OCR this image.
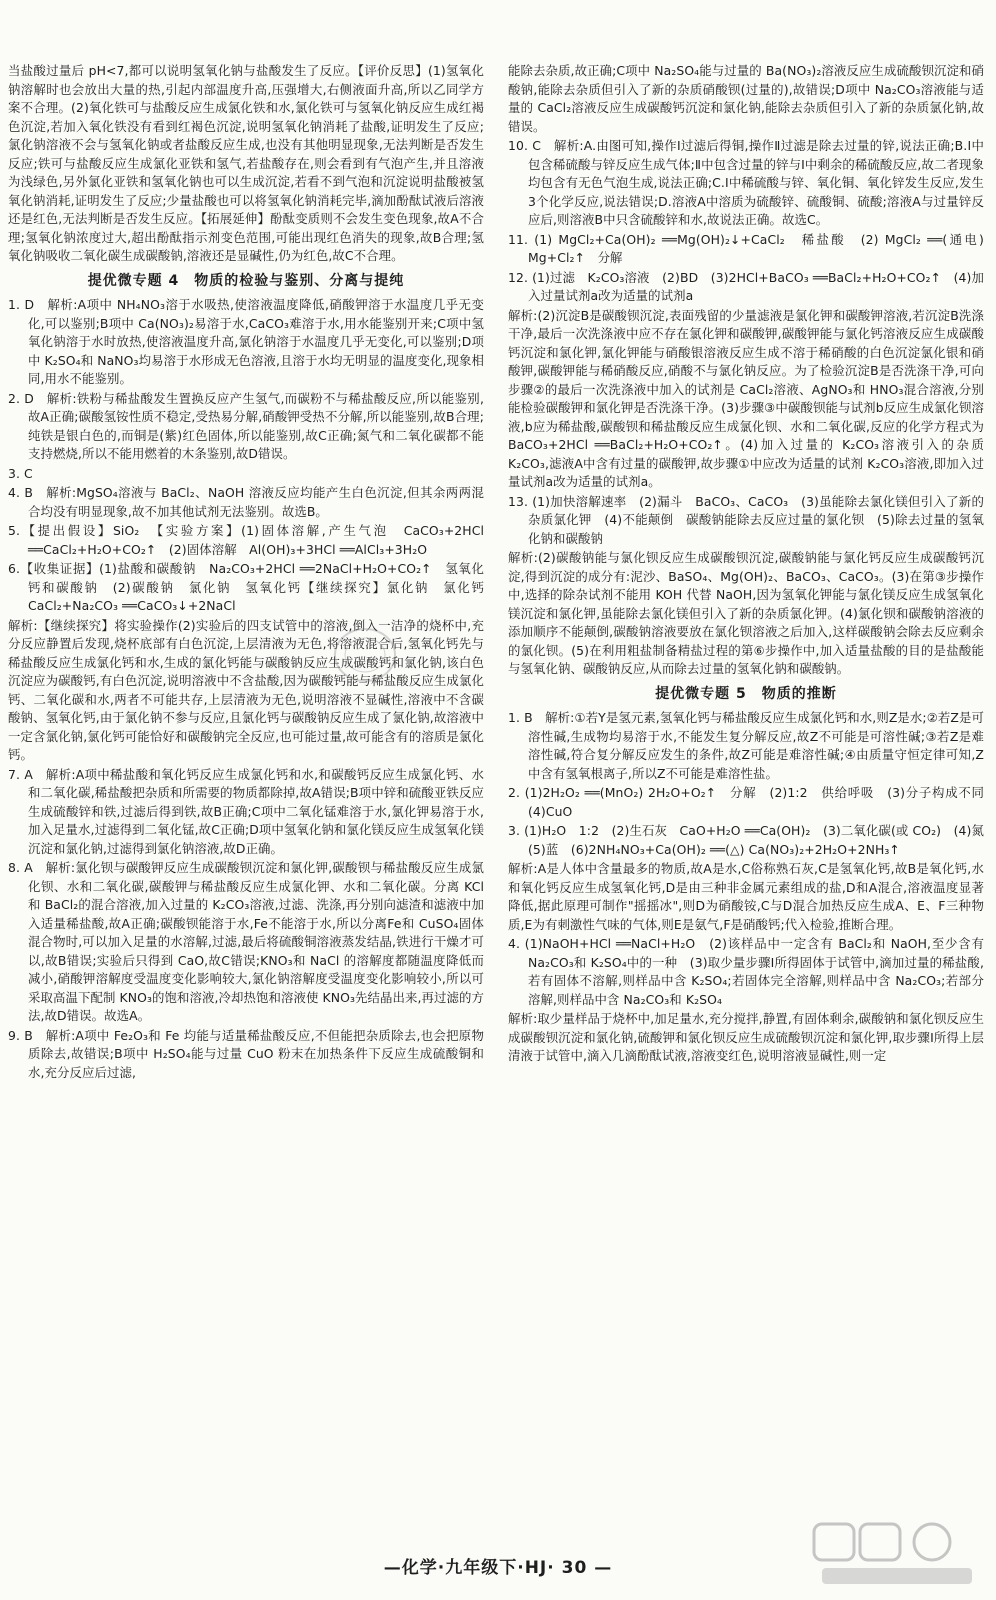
当盐酸过量后 pH<7,都可以说明氢氧化钠与盐酸发生了反应。【评价反思】(1)氢氧化钠溶解时也会放出大量的热,引起内部温度升高,压强增大,右侧液面升高,所以乙同学方案不合理。(2)氧化铁可与盐酸反应生成氯化铁和水,氯化铁可与氢氧化钠反应生成红褐色沉淀,若加入氧化铁没有看到红褐色沉淀,说明氢氧化钠消耗了盐酸,证明发生了反应;氯化钠溶液不会与氢氧化钠或者盐酸反应生成,也没有其他明显现象,无法判断是否发生反应;铁可与盐酸反应生成氯化亚铁和氢气,若盐酸存在,则会看到有气泡产生,并且溶液为浅绿色,另外氯化亚铁和氢氧化钠也可以生成沉淀,若看不到气泡和沉淀说明盐酸被氢氧化钠消耗,证明发生了反应;少量盐酸也可以将氢氧化钠消耗完毕,滴加酚酞试液后溶液还是红色,无法判断是否发生反应。【拓展延伸】酚酞变质则不会发生变色现象,故A不合理;氢氧化钠浓度过大,超出酚酞指示剂变色范围,可能出现红色消失的现象,故B合理;氢氧化钠吸收二氧化碳生成碳酸钠,溶液还是显碱性,仍为红色,故C不合理。

提优微专题 4　物质的检验与鉴别、分离与提纯

1. D　解析:A项中 NH₄NO₃溶于水吸热,使溶液温度降低,硝酸钾溶于水温度几乎无变化,可以鉴别;B项中 Ca(NO₃)₂易溶于水,CaCO₃难溶于水,用水能鉴别开来;C项中氢氧化钠溶于水时放热,使溶液温度升高,氯化钠溶于水温度几乎无变化,可以鉴别;D项中 K₂SO₄和 NaNO₃均易溶于水形成无色溶液,且溶于水均无明显的温度变化,现象相同,用水不能鉴别。

2. D　解析:铁粉与稀盐酸发生置换反应产生氢气,而碳粉不与稀盐酸反应,所以能鉴别,故A正确;碳酸氢铵性质不稳定,受热易分解,硝酸钾受热不分解,所以能鉴别,故B合理;纯铁是银白色的,而铜是(紫)红色固体,所以能鉴别,故C正确;氮气和二氧化碳都不能支持燃烧,所以不能用燃着的木条鉴别,故D错误。

3. C

4. B　解析:MgSO₄溶液与 BaCl₂、NaOH 溶液反应均能产生白色沉淀,但其余两两混合均没有明显现象,故不加其他试剂无法鉴别。故选B。

5.【提出假设】SiO₂　【实验方案】(1)固体溶解,产生气泡　CaCO₃+2HCl ══CaCl₂+H₂O+CO₂↑　(2)固体溶解　Al(OH)₃+3HCl ══AlCl₃+3H₂O

6.【收集证据】(1)盐酸和碳酸钠　Na₂CO₃+2HCl ══2NaCl+H₂O+CO₂↑　氢氧化钙和碳酸钠　(2)碳酸钠　氯化钠　氢氧化钙【继续探究】氯化钠　氯化钙　CaCl₂+Na₂CO₃ ══CaCO₃↓+2NaCl

解析:【继续探究】将实验操作(2)实验后的四支试管中的溶液,倒入一洁净的烧杯中,充分反应静置后发现,烧杯底部有白色沉淀,上层清液为无色,将溶液混合后,氢氧化钙先与稀盐酸反应生成氯化钙和水,生成的氯化钙能与碳酸钠反应生成碳酸钙和氯化钠,该白色沉淀应为碳酸钙,有白色沉淀,说明溶液中不含盐酸,因为碳酸钙能与稀盐酸反应生成氯化钙、二氧化碳和水,两者不可能共存,上层清液为无色,说明溶液不显碱性,溶液中不含碳酸钠、氢氧化钙,由于氯化钠不参与反应,且氯化钙与碳酸钠反应生成了氯化钠,故溶液中一定含氯化钠,氯化钙可能恰好和碳酸钠完全反应,也可能过量,故可能含有的溶质是氯化钙。

7. A　解析:A项中稀盐酸和氧化钙反应生成氯化钙和水,和碳酸钙反应生成氯化钙、水和二氧化碳,稀盐酸把杂质和所需要的物质都除掉,故A错误;B项中锌和硫酸亚铁反应生成硫酸锌和铁,过滤后得到铁,故B正确;C项中二氧化锰难溶于水,氯化钾易溶于水,加入足量水,过滤得到二氧化锰,故C正确;D项中氢氧化钠和氯化镁反应生成氢氧化镁沉淀和氯化钠,过滤得到氯化钠溶液,故D正确。

8. A　解析:氯化钡与碳酸钾反应生成碳酸钡沉淀和氯化钾,碳酸钡与稀盐酸反应生成氯化钡、水和二氧化碳,碳酸钾与稀盐酸反应生成氯化钾、水和二氧化碳。分离 KCl 和 BaCl₂的混合溶液,加入过量的 K₂CO₃溶液,过滤、洗涤,再分别向滤渣和滤液中加入适量稀盐酸,故A正确;碳酸钡能溶于水,Fe不能溶于水,所以分离Fe和 CuSO₄固体混合物时,可以加入足量的水溶解,过滤,最后将硫酸铜溶液蒸发结晶,铁进行干燥才可以,故B错误;实验后只得到 CaO,故C错误;KNO₃和 NaCl 的溶解度都随温度降低而减小,硝酸钾溶解度受温度变化影响较大,氯化钠溶解度受温度变化影响较小,所以可采取高温下配制 KNO₃的饱和溶液,冷却热饱和溶液使 KNO₃先结晶出来,再过滤的方法,故D错误。故选A。

9. B　解析:A项中 Fe₂O₃和 Fe 均能与适量稀盐酸反应,不但能把杂质除去,也会把原物质除去,故错误;B项中 H₂SO₄能与过量 CuO 粉末在加热条件下反应生成硫酸铜和水,充分反应后过滤,

能除去杂质,故正确;C项中 Na₂SO₄能与过量的 Ba(NO₃)₂溶液反应生成硫酸钡沉淀和硝酸钠,能除去杂质但引入了新的杂质硝酸钡(过量的),故错误;D项中 Na₂CO₃溶液能与适量的 CaCl₂溶液反应生成碳酸钙沉淀和氯化钠,能除去杂质但引入了新的杂质氯化钠,故错误。

10. C　解析:A.由图可知,操作Ⅰ过滤后得铜,操作Ⅱ过滤是除去过量的锌,说法正确;B.Ⅰ中包含稀硫酸与锌反应生成气体;Ⅱ中包含过量的锌与Ⅰ中剩余的稀硫酸反应,故二者现象均包含有无色气泡生成,说法正确;C.Ⅰ中稀硫酸与锌、氧化铜、氧化锌发生反应,发生3个化学反应,说法错误;D.溶液A中溶质为硫酸锌、硫酸铜、硫酸;溶液A与过量锌反应后,则溶液B中只含硫酸锌和水,故说法正确。故选C。

11. (1) MgCl₂+Ca(OH)₂ ══Mg(OH)₂↓+CaCl₂　稀盐酸　(2) MgCl₂ ══(通电) Mg+Cl₂↑　分解

12. (1)过滤　K₂CO₃溶液　(2)BD　(3)2HCl+BaCO₃ ══BaCl₂+H₂O+CO₂↑　(4)加入过量试剂a改为适量的试剂a

解析:(2)沉淀B是碳酸钡沉淀,表面残留的少量滤液是氯化钾和碳酸钾溶液,若沉淀B洗涤干净,最后一次洗涤液中应不存在氯化钾和碳酸钾,碳酸钾能与氯化钙溶液反应生成碳酸钙沉淀和氯化钾,氯化钾能与硝酸银溶液反应生成不溶于稀硝酸的白色沉淀氯化银和硝酸钾,碳酸钾能与稀硝酸反应,硝酸不与氯化钠反应。为了检验沉淀B是否洗涤干净,可向步骤②的最后一次洗涤液中加入的试剂是 CaCl₂溶液、AgNO₃和 HNO₃混合溶液,分别能检验碳酸钾和氯化钾是否洗涤干净。(3)步骤③中碳酸钡能与试剂b反应生成氯化钡溶液,b应为稀盐酸,碳酸钡和稀盐酸反应生成氯化钡、水和二氧化碳,反应的化学方程式为 BaCO₃+2HCl ══BaCl₂+H₂O+CO₂↑。(4)加入过量的 K₂CO₃溶液引入的杂质 K₂CO₃,滤液A中含有过量的碳酸钾,故步骤①中应改为适量的试剂 K₂CO₃溶液,即加入过量试剂a改为适量的试剂a。

13. (1)加快溶解速率　(2)漏斗　BaCO₃、CaCO₃　(3)虽能除去氯化镁但引入了新的杂质氯化钾　(4)不能颠倒　碳酸钠能除去反应过量的氯化钡　(5)除去过量的氢氧化钠和碳酸钠

解析:(2)碳酸钠能与氯化钡反应生成碳酸钡沉淀,碳酸钠能与氯化钙反应生成碳酸钙沉淀,得到沉淀的成分有:泥沙、BaSO₄、Mg(OH)₂、BaCO₃、CaCO₃。(3)在第③步操作中,选择的除杂试剂不能用 KOH 代替 NaOH,因为氢氧化钾能与氯化镁反应生成氢氧化镁沉淀和氯化钾,虽能除去氯化镁但引入了新的杂质氯化钾。(4)氯化钡和碳酸钠溶液的添加顺序不能颠倒,碳酸钠溶液要放在氯化钡溶液之后加入,这样碳酸钠会除去反应剩余的氯化钡。(5)在利用粗盐制备精盐过程的第⑥步操作中,加入适量盐酸的目的是盐酸能与氢氧化钠、碳酸钠反应,从而除去过量的氢氧化钠和碳酸钠。

提优微专题 5　物质的推断

1. B　解析:①若Y是氢元素,氢氧化钙与稀盐酸反应生成氯化钙和水,则Z是水;②若Z是可溶性碱,生成物均易溶于水,不能发生复分解反应,故Z不可能是可溶性碱;③若Z是难溶性碱,符合复分解反应发生的条件,故Z可能是难溶性碱;④由质量守恒定律可知,Z中含有氢氧根离子,所以Z不可能是难溶性盐。

2. (1)2H₂O₂ ══(MnO₂) 2H₂O+O₂↑　分解　(2)1:2　供给呼吸　(3)分子构成不同　(4)CuO

3. (1)H₂O　1:2　(2)生石灰　CaO+H₂O ══Ca(OH)₂　(3)二氧化碳(或 CO₂)　(4)氮　(5)蓝　(6)2NH₄NO₃+Ca(OH)₂ ══(△) Ca(NO₃)₂+2H₂O+2NH₃↑

解析:A是人体中含量最多的物质,故A是水,C俗称熟石灰,C是氢氧化钙,故B是氧化钙,水和氧化钙反应生成氢氧化钙,D是由三种非金属元素组成的盐,D和A混合,溶液温度显著降低,据此原理可制作"摇摇冰",则D为硝酸铵,C与D混合加热反应生成A、E、F三种物质,E为有刺激性气味的气体,则E是氨气,F是硝酸钙;代入检验,推断合理。

4. (1)NaOH+HCl ══NaCl+H₂O　(2)该样品中一定含有 BaCl₂和 NaOH,至少含有 Na₂CO₃和 K₂SO₄中的一种　(3)取少量步骤Ⅰ所得固体于试管中,滴加过量的稀盐酸,若有固体不溶解,则样品中含 K₂SO₄;若固体完全溶解,则样品中含 Na₂CO₃;若部分溶解,则样品中含 Na₂CO₃和 K₂SO₄

解析:取少量样品于烧杯中,加足量水,充分搅拌,静置,有固体剩余,碳酸钠和氯化钡反应生成碳酸钡沉淀和氯化钠,硫酸钾和氯化钡反应生成硫酸钡沉淀和氯化钾,取步骤Ⅰ所得上层清液于试管中,滴入几滴酚酞试液,溶液变红色,说明溶液显碱性,则一定

—化学·九年级下·HJ· 30 —
